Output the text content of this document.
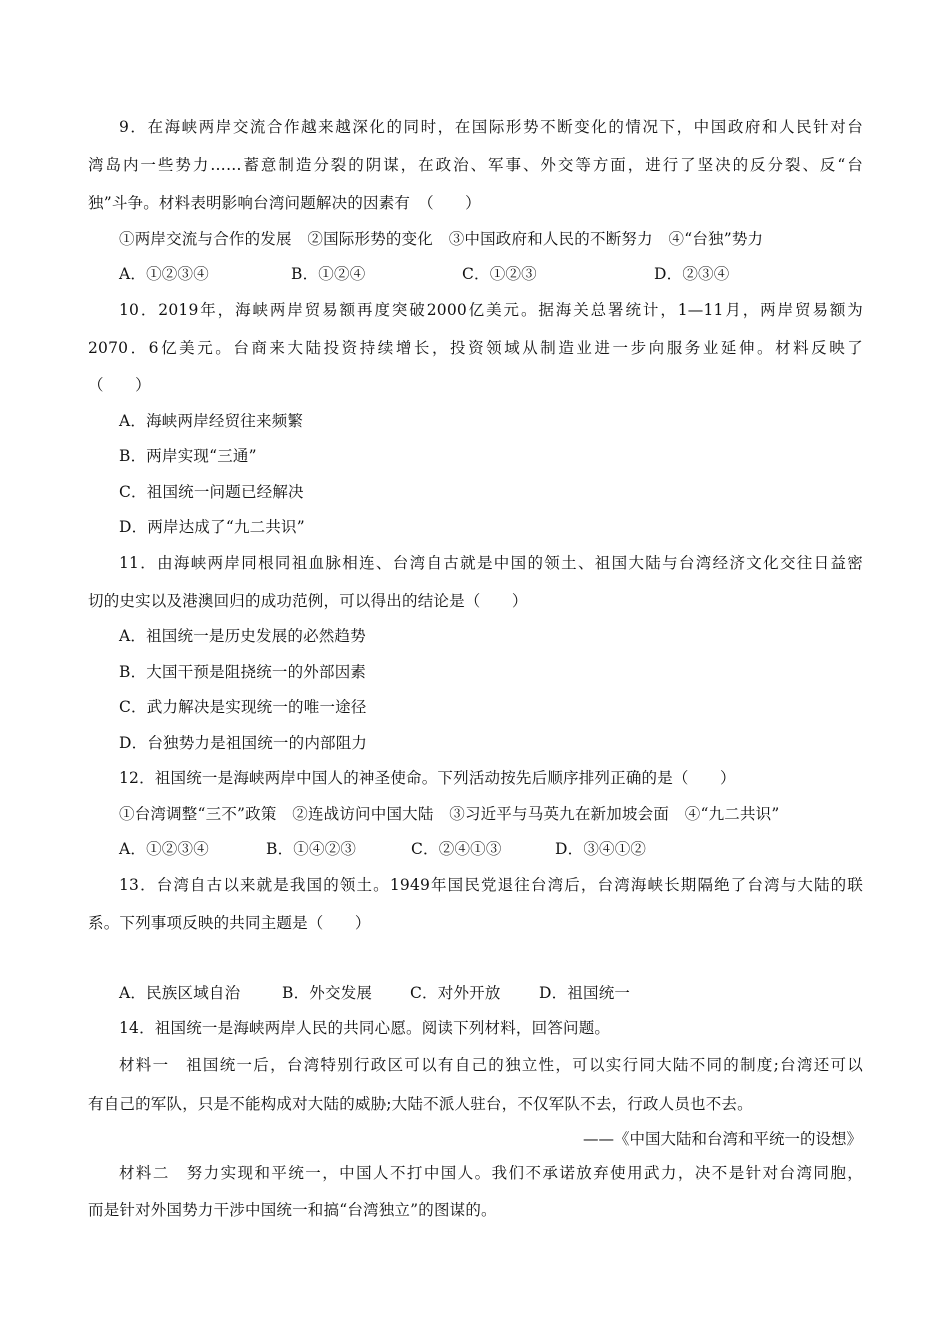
9．在海峡两岸交流合作越来越深化的同时，在国际形势不断变化的情况下，中国政府和人民针对台
湾岛内一些势力……蓄意制造分裂的阴谋，在政治、军事、外交等方面，进行了坚决的反分裂、反“台
独”斗争。材料表明影响台湾问题解决的因素有　（　　）
①两岸交流与合作的发展　②国际形势的变化　③中国政府和人民的不断努力　④“台独”势力
A．①②③④	B．①②④	C．①②③	D．②③④
10．2019年，海峡两岸贸易额再度突破2000亿美元。据海关总署统计，1—11月，两岸贸易额为
2070．6亿美元。台商来大陆投资持续增长，投资领域从制造业进一步向服务业延伸。材料反映了
（　　）
A．海峡两岸经贸往来频繁
B．两岸实现“三通”
C．祖国统一问题已经解决
D．两岸达成了“九二共识”
11．由海峡两岸同根同祖血脉相连、台湾自古就是中国的领土、祖国大陆与台湾经济文化交往日益密
切的史实以及港澳回归的成功范例，可以得出的结论是（　　）
A．祖国统一是历史发展的必然趋势
B．大国干预是阻挠统一的外部因素
C．武力解决是实现统一的唯一途径
D．台独势力是祖国统一的内部阻力
12．祖国统一是海峡两岸中国人的神圣使命。下列活动按先后顺序排列正确的是（　　）
①台湾调整“三不”政策　②连战访问中国大陆　③习近平与马英九在新加坡会面　④“九二共识”
A．①②③④	B．①④②③	C．②④①③	D．③④①②
13．台湾自古以来就是我国的领土。1949年国民党退往台湾后，台湾海峡长期隔绝了台湾与大陆的联
系。下列事项反映的共同主题是（　　）
A．民族区域自治	B．外交发展 C．对外开放 D．祖国统一
14．祖国统一是海峡两岸人民的共同心愿。阅读下列材料，回答问题。
材料一　祖国统一后，台湾特别行政区可以有自己的独立性，可以实行同大陆不同的制度;台湾还可以
有自己的军队，只是不能构成对大陆的威胁;大陆不派人驻台，不仅军队不去，行政人员也不去。
——《中国大陆和台湾和平统一的设想》
材料二　努力实现和平统一，中国人不打中国人。我们不承诺放弃使用武力，决不是针对台湾同胞，
而是针对外国势力干涉中国统一和搞“台湾独立”的图谋的。
